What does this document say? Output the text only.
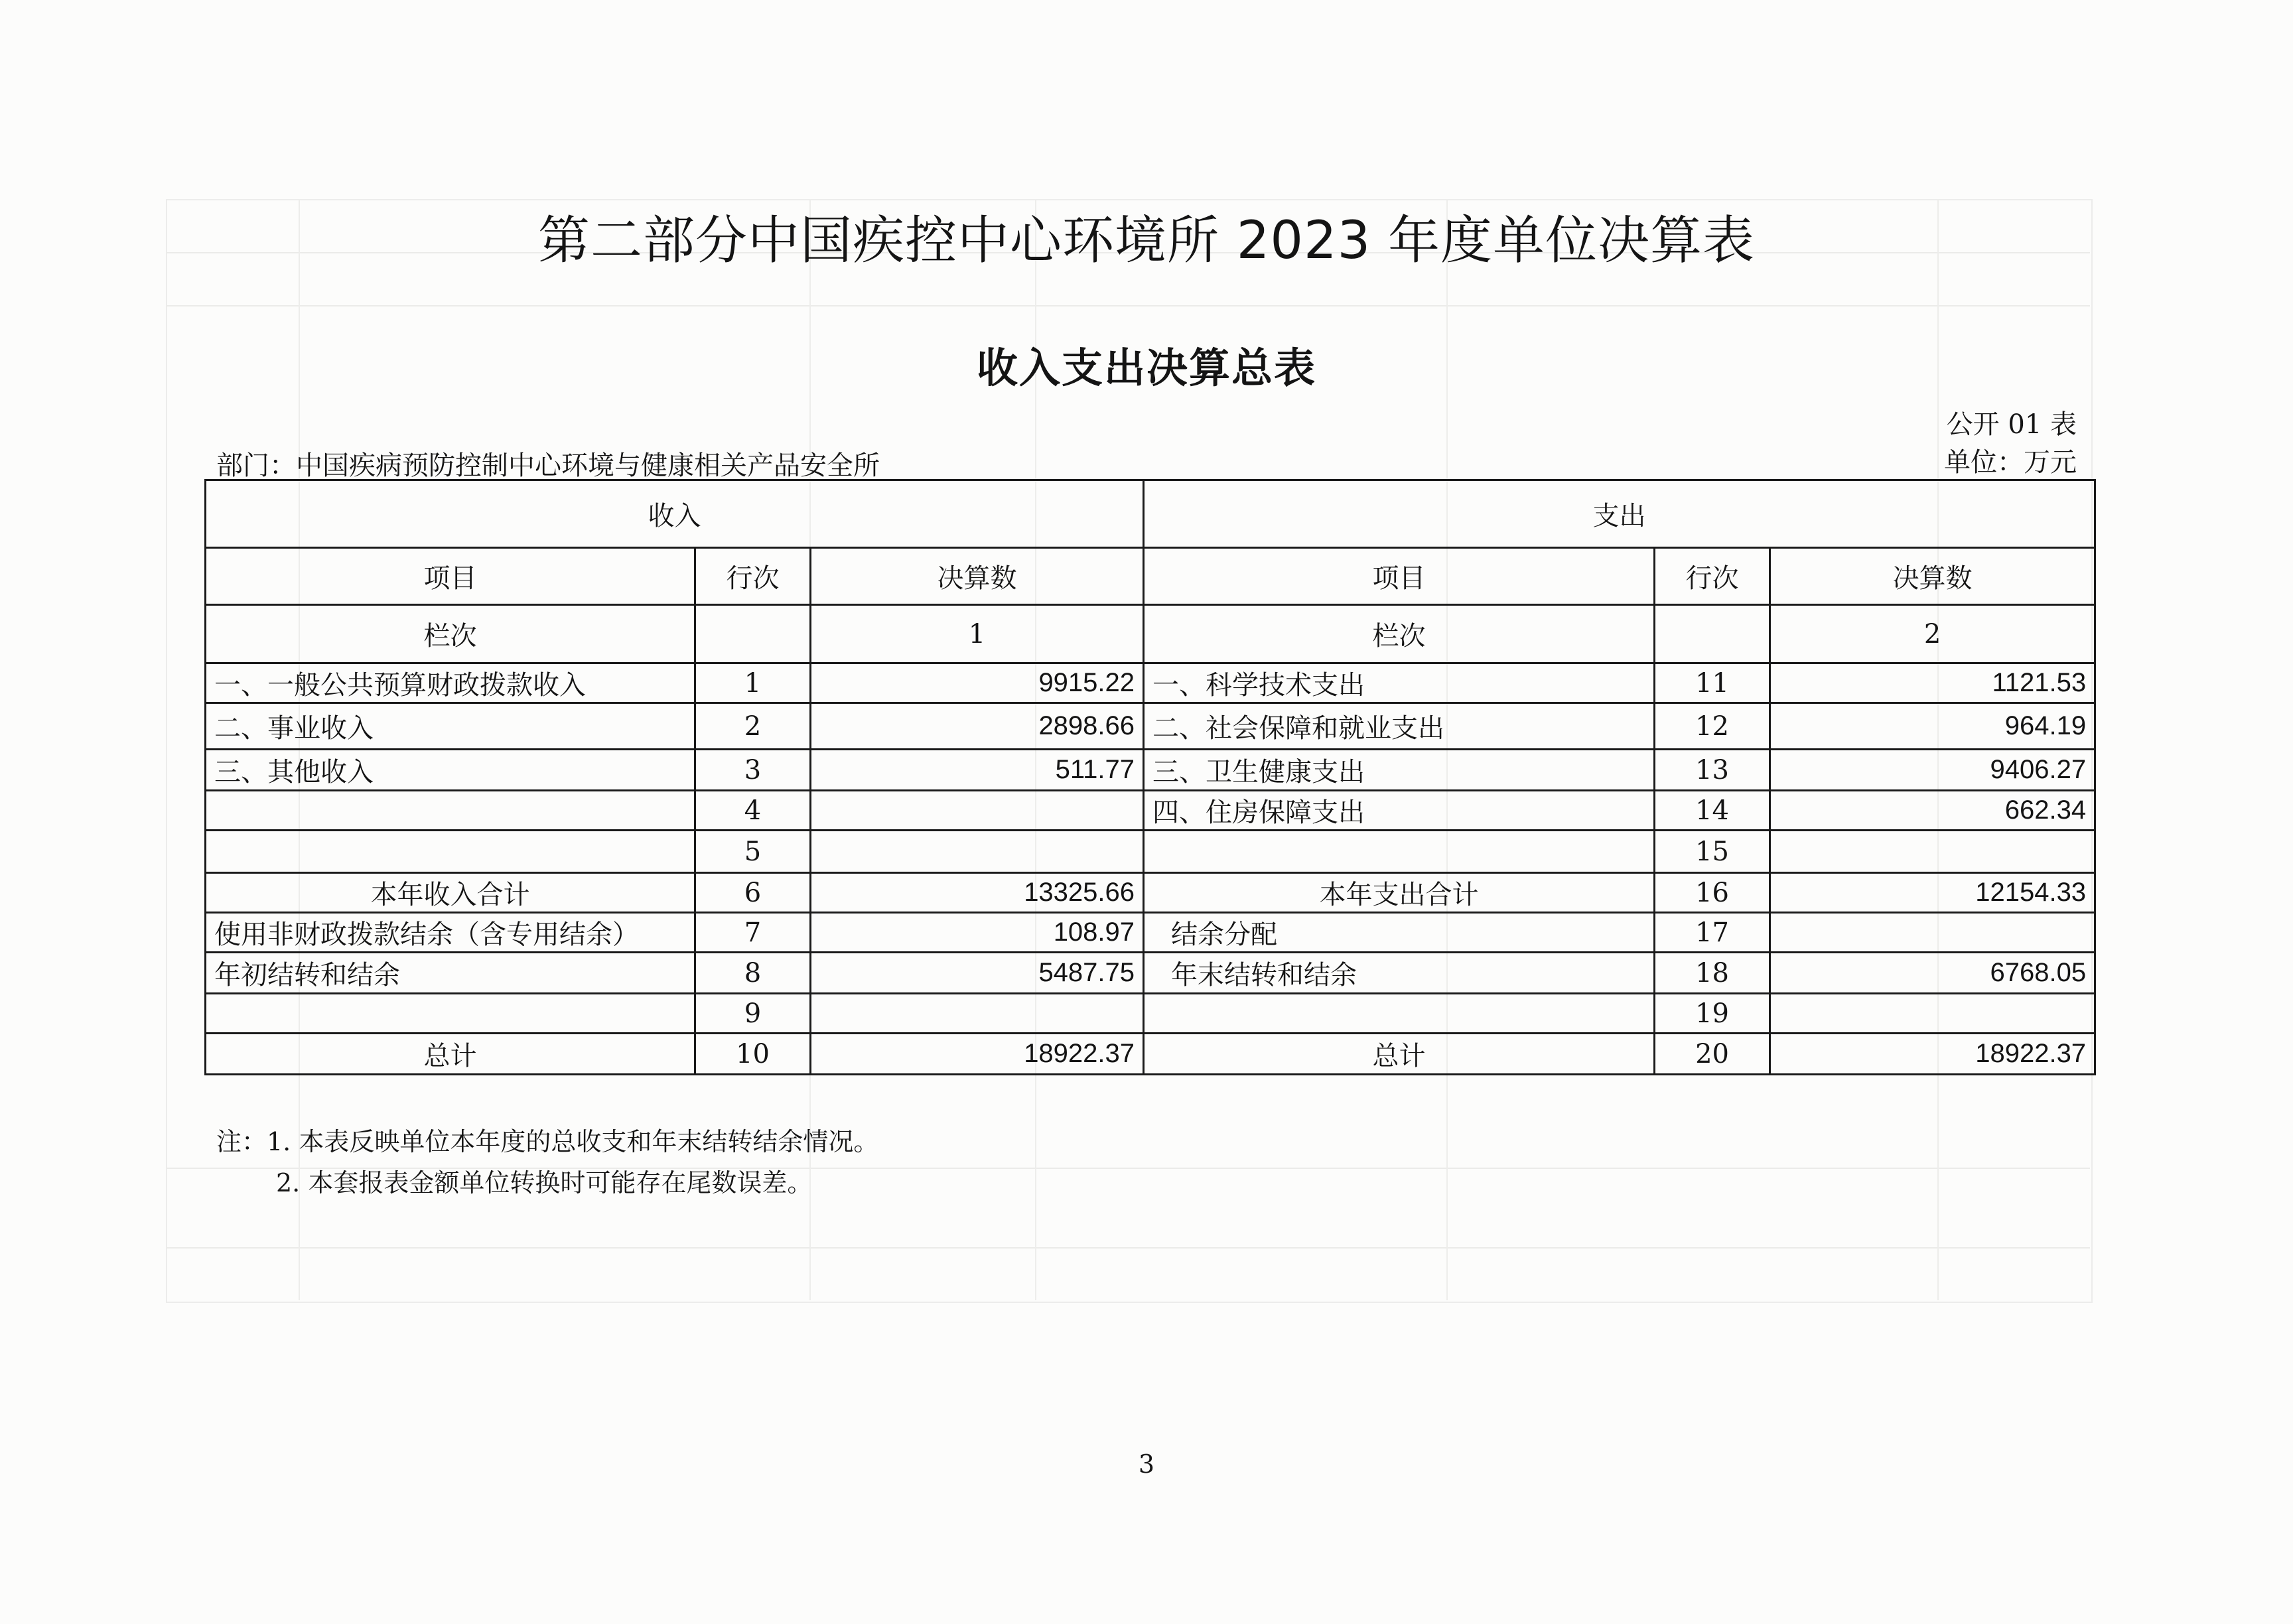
第二部分中国疾控中心环境所 2023 年度单位决算表
收入支出决算总表
公开 01 表
部门：中国疾病预防控制中心环境与健康相关产品安全所	单位：万元
收入			支出		
项目	行次	决算数	项目	行次	决算数
栏次		1	栏次		2
一、一般公共预算财政拨款收入	1	9915.22	一、科学技术支出	11	1121.53
二、事业收入	2	2898.66	二、社会保障和就业支出	12	964.19
三、其他收入	3	511.77	三、卫生健康支出	13	9406.27
	4		四、住房保障支出	14	662.34
	5			15	
本年收入合计	6	13325.66	本年支出合计	16	12154.33
使用非财政拨款结余（含专用结余）	7	108.97	结余分配	17	
年初结转和结余	8	5487.75	年末结转和结余	18	6768.05
	9			19	
总计	10	18922.37	总计	20	18922.37
注：1. 本表反映单位本年度的总收支和年末结转结余情况。
2. 本套报表金额单位转换时可能存在尾数误差。
3
